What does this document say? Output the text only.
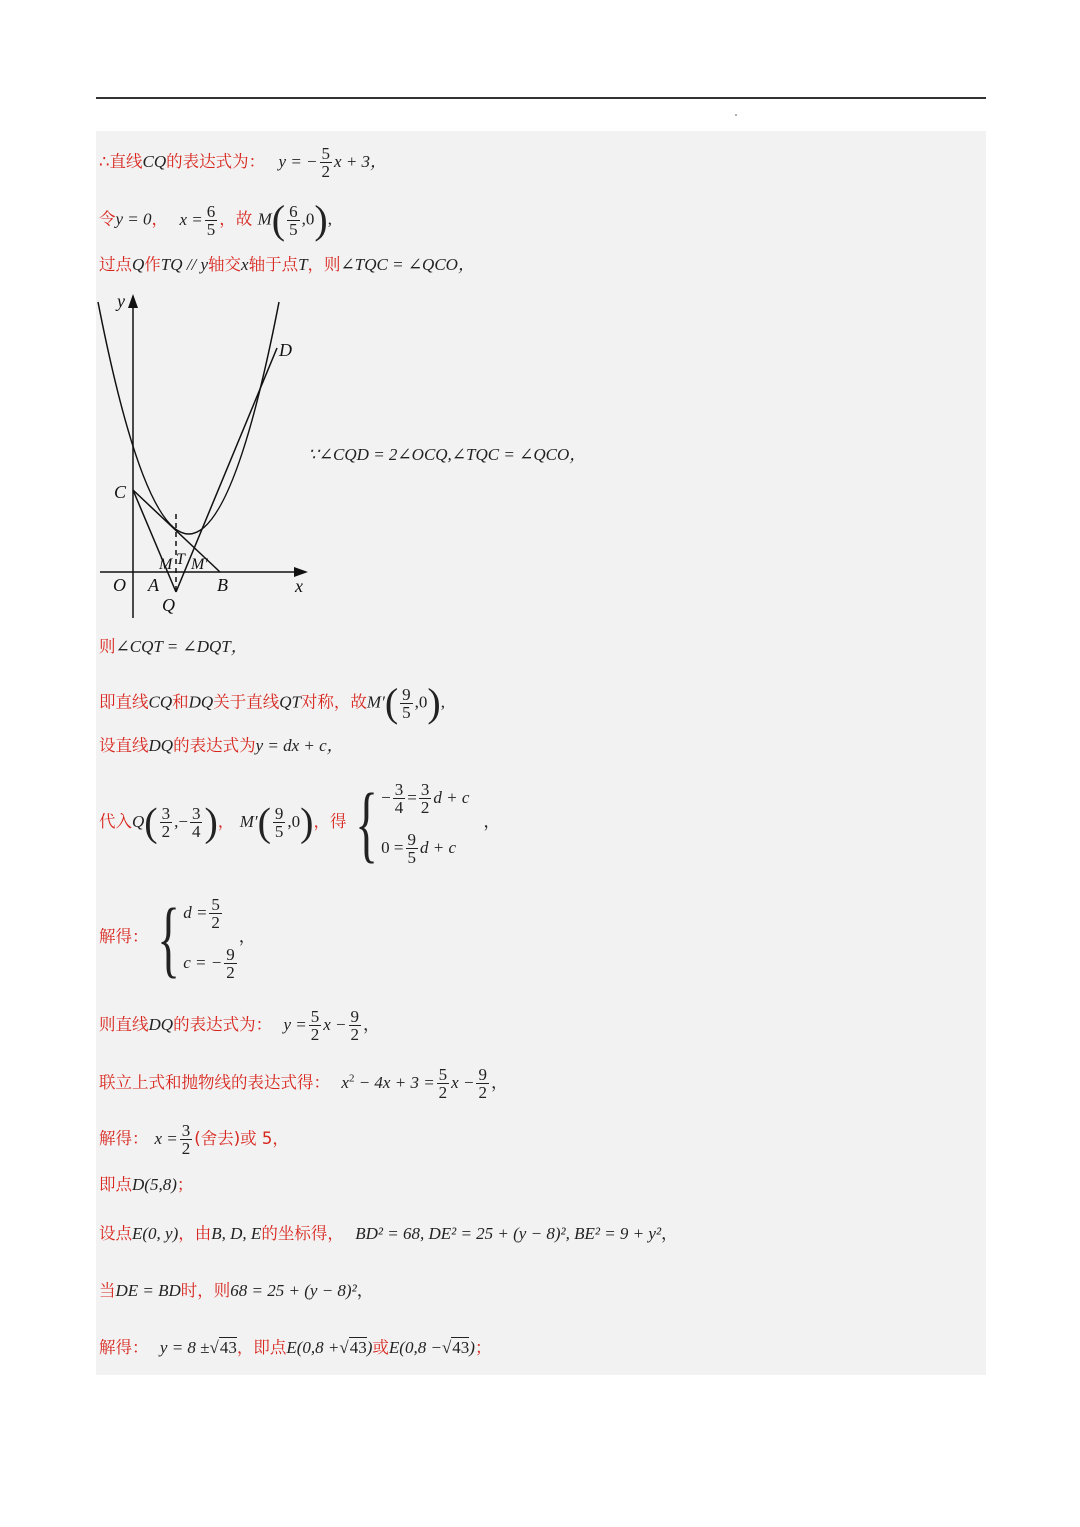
∴直线CQ的表达式为： y = − $\frac{5}{2}$ x + 3，
令y = 0， $x = \frac{6}{5}$ ，故 $M( \frac{6}{5} ,0)$,
过点Q作TQ // y轴交x轴于点T，则∠TQC = ∠QCO，
y
x
O A	B
C
D
Q
T
M M′
∵∠CQD = 2∠OCQ,∠TQC = ∠QCO，
则∠CQT = ∠DQT，
即直线CQ和DQ关于直线QT对称，故$M'( \frac{9}{5} ,0)$,
设直线DQ的表达式为y = dx + c，
代入$Q( \frac{3}{2}$ ,− $\frac{3}{4}$ )， $M'( \frac{9}{5} ,0)$，得 { − $\frac{3}{4} = \frac{3}{2}$ d + c
$0 = \frac{9}{5}$ d + c
，
解得： { $d = \frac{5}{2}$
c = − $\frac{9}{2}$
，
则直线DQ的表达式为： $y = \frac{5}{2}$ $x - \frac{9}{2}$ ，
联立上式和抛物线的表达式得： $x^2 - 4x + 3 = \frac{5}{2}$ $x - \frac{9}{2}$ ，
解得： $x = \frac{3}{2}$ (舍去)或 5，
即点D(5,8)；
设点E(0, y)，由B, D, E的坐标得， BD² = 68, DE² = 25 + (y − 8)², BE² = 9 + y²，
当DE = BD时，则68 = 25 + (y − 8)²，
解得： y = 8 ±√43，即点E(0,8 +√43)或E(0,8 −√43)；
